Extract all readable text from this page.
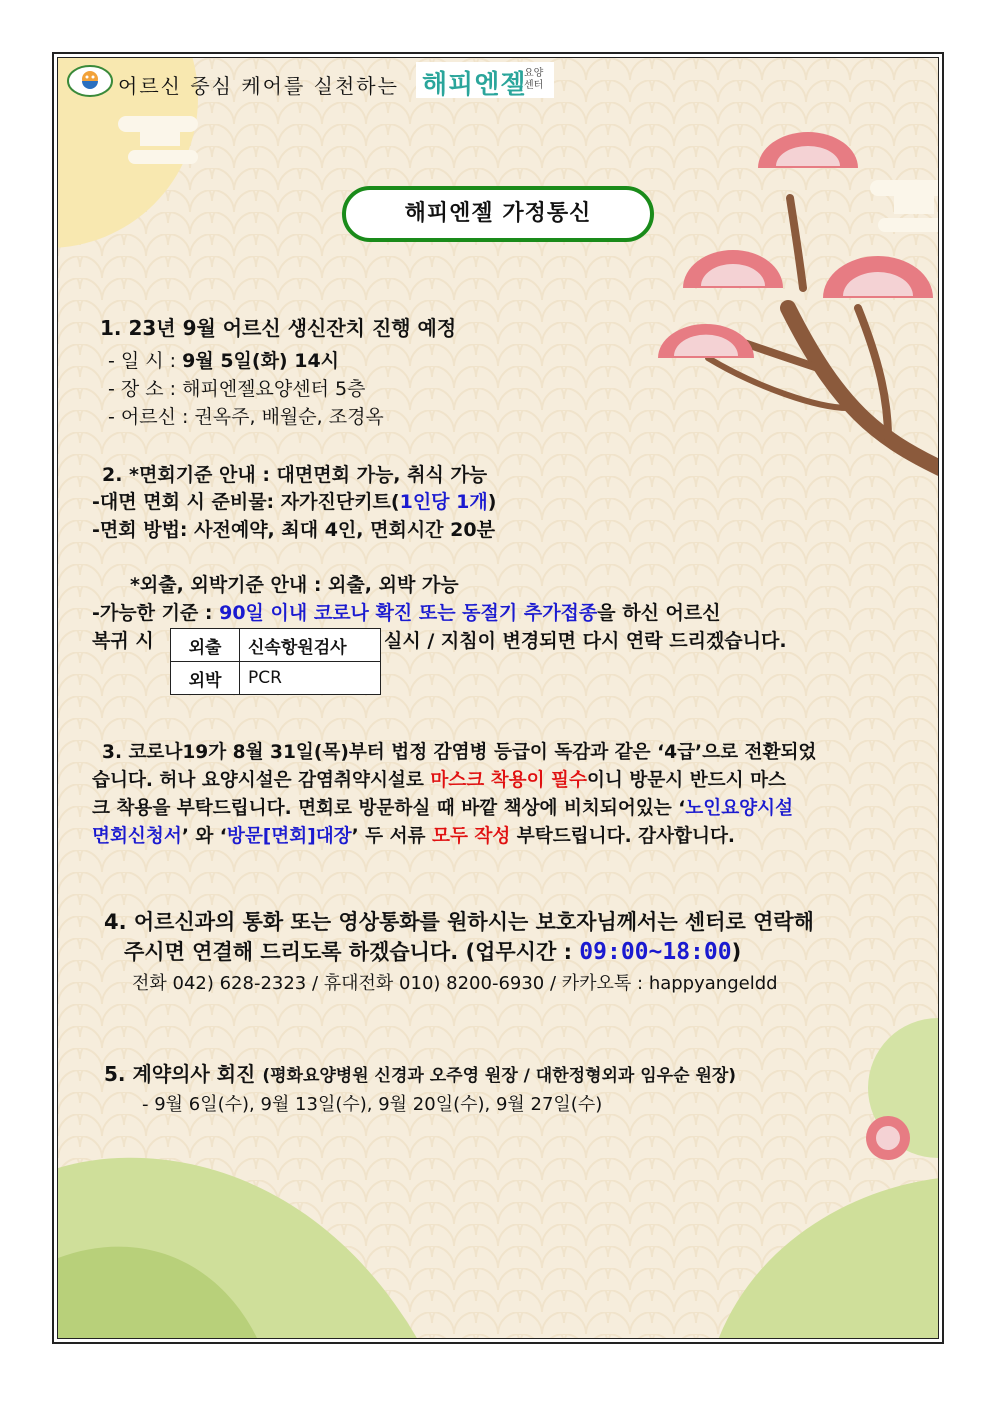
어르신 중심 케어를 실천하는 해피엔젤
요양
센터
해피엔젤 가정통신
1. 23년 9월 어르신 생신잔치 진행 예정
- 일 시 : 9월 5일(화) 14시
- 장 소 : 해피엔젤요양센터 5층
- 어르신 : 권옥주, 배월순, 조경옥
2. *면회기준 안내 : 대면면회 가능, 취식 가능
-대면 면회 시 준비물: 자가진단키트(1인당 1개)
-면회 방법: 사전예약, 최대 4인, 면회시간 20분
*외출, 외박기준 안내 : 외출, 외박 가능
-가능한 기준 : 90일 이내 코로나 확진 또는 동절기 추가접종을 하신 어르신
복귀 시 외출	신속항원검사
외박	PCR
실시 / 지침이 변경되면 다시 연락 드리겠습니다.
3. 코로나19가 8월 31일(목)부터 법정 감염병 등급이 독감과 같은 ‘4급’으로 전환되었
습니다. 허나 요양시설은 감염취약시설로 마스크 착용이 필수이니 방문시 반드시 마스
크 착용을 부탁드립니다. 면회로 방문하실 때 바깥 책상에 비치되어있는 ‘노인요양시설
면회신청서’ 와 ‘방문[면회]대장’ 두 서류 모두 작성 부탁드립니다. 감사합니다.
4. 어르신과의 통화 또는 영상통화를 원하시는 보호자님께서는 센터로 연락해
주시면 연결해 드리도록 하겠습니다. (업무시간 : 09:00~18:00)
전화 042) 628-2323 / 휴대전화 010) 8200-6930 / 카카오톡 : happyangeldd
5. 계약의사 회진 (평화요양병원 신경과 오주영 원장 / 대한정형외과 임우순 원장)
- 9월 6일(수), 9월 13일(수), 9월 20일(수), 9월 27일(수)
